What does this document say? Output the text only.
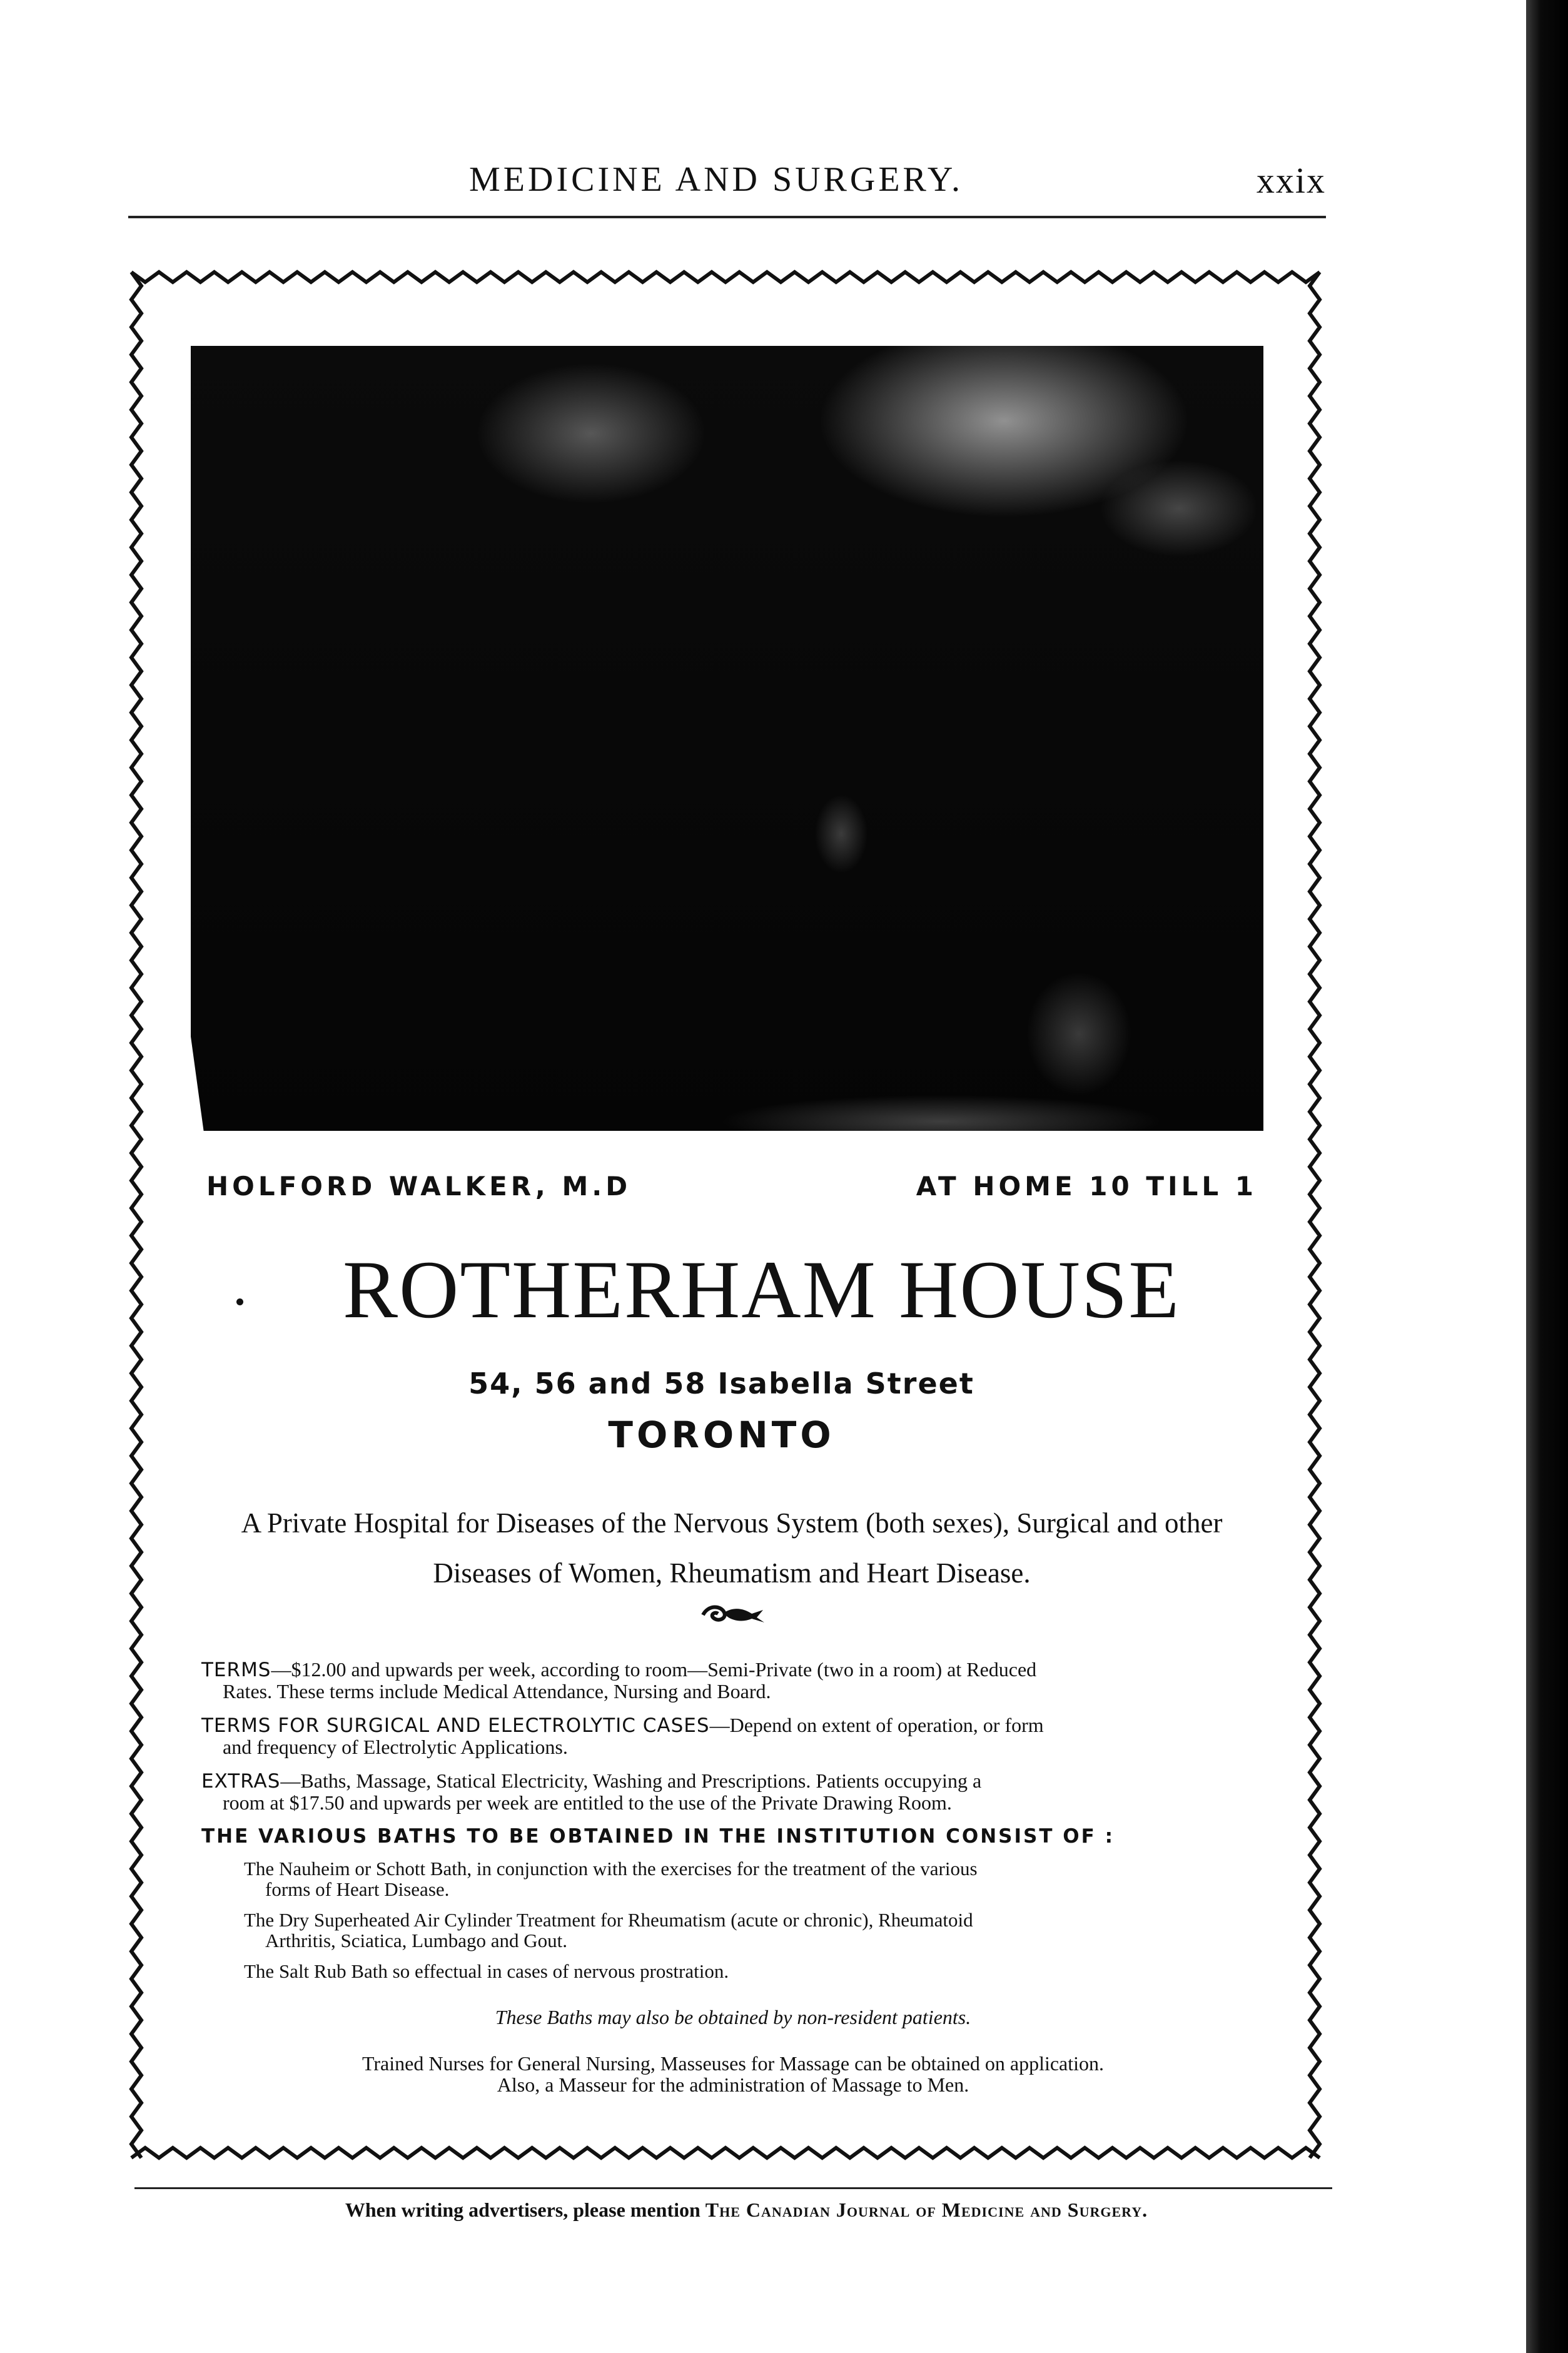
MEDICINE AND SURGERY.	xxix
HOLFORD WALKER, M.D	AT HOME 10 TILL 1
ROTHERHAM HOUSE
54, 56 and 58 Isabella Street
TORONTO
A Private Hospital for Diseases of the Nervous System (both sexes), Surgical and other Diseases of Women, Rheumatism and Heart Disease.
TERMS—$12.00 and upwards per week, according to room—Semi-Private (two in a room) at Reduced
Rates. These terms include Medical Attendance, Nursing and Board.
TERMS FOR SURGICAL AND ELECTROLYTIC CASES—Depend on extent of operation, or form
and frequency of Electrolytic Applications.
EXTRAS—Baths, Massage, Statical Electricity, Washing and Prescriptions. Patients occupying a
room at $17.50 and upwards per week are entitled to the use of the Private Drawing Room.
THE VARIOUS BATHS TO BE OBTAINED IN THE INSTITUTION CONSIST OF :
The Nauheim or Schott Bath, in conjunction with the exercises for the treatment of the various
forms of Heart Disease.
The Dry Superheated Air Cylinder Treatment for Rheumatism (acute or chronic), Rheumatoid
Arthritis, Sciatica, Lumbago and Gout.
The Salt Rub Bath so effectual in cases of nervous prostration.
These Baths may also be obtained by non-resident patients.
Trained Nurses for General Nursing, Masseuses for Massage can be obtained on application.
Also, a Masseur for the administration of Massage to Men.
When writing advertisers, please mention The Canadian Journal of Medicine and Surgery.
